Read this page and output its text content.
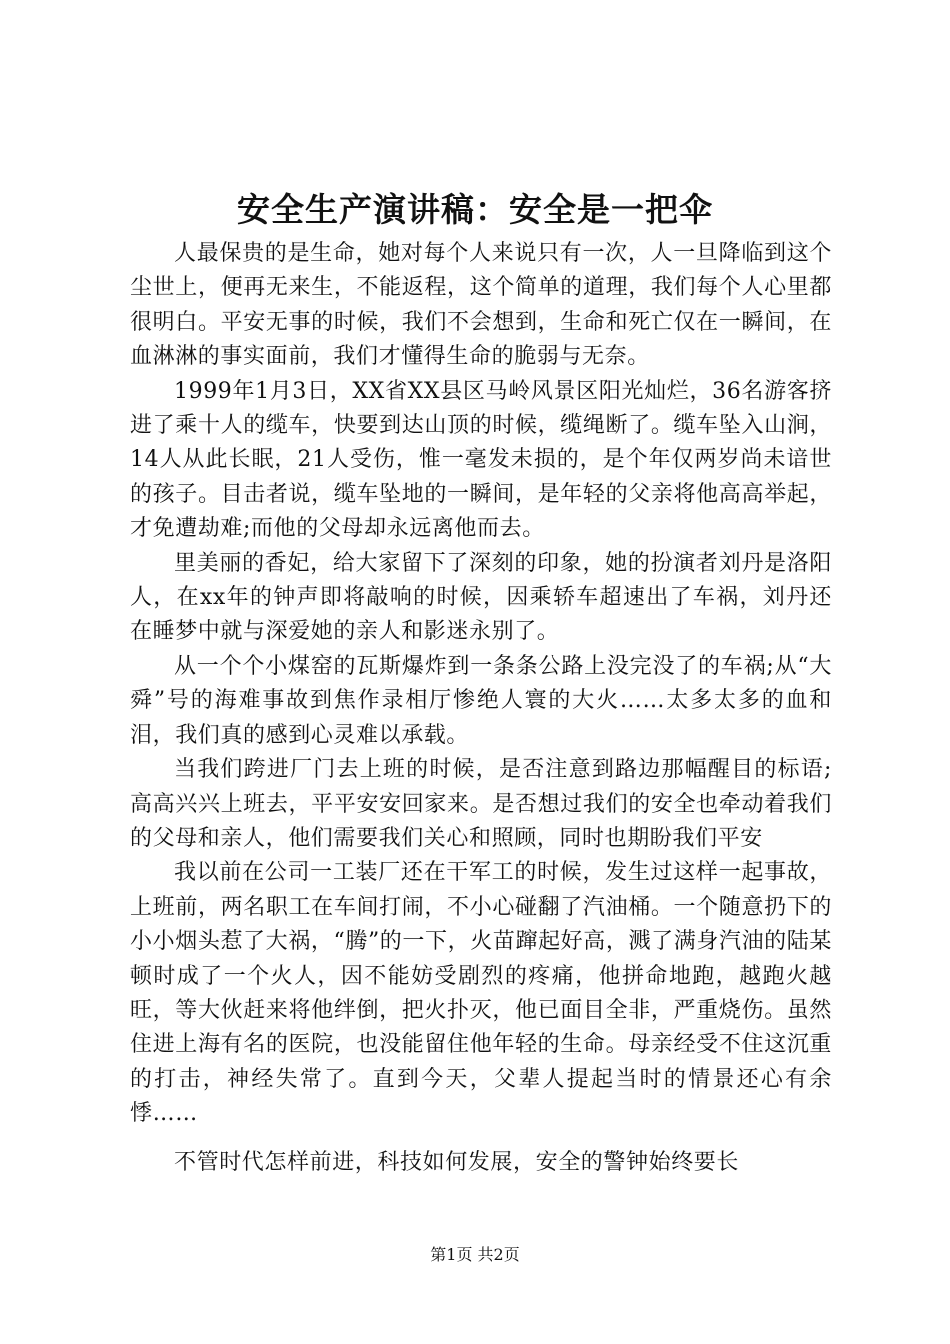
安全生产演讲稿：安全是一把伞

人最保贵的是生命，她对每个人来说只有一次，人一旦降临到这个尘世上，便再无来生，不能返程，这个简单的道理，我们每个人心里都很明白。平安无事的时候，我们不会想到，生命和死亡仅在一瞬间，在血淋淋的事实面前，我们才懂得生命的脆弱与无奈。

1999年1月3日，XX省XX县区马岭风景区阳光灿烂，36名游客挤进了乘十人的缆车，快要到达山顶的时候，缆绳断了。缆车坠入山涧，14人从此长眠，21人受伤，惟一毫发未损的，是个年仅两岁尚未谙世的孩子。目击者说，缆车坠地的一瞬间，是年轻的父亲将他高高举起，才免遭劫难;而他的父母却永远离他而去。

里美丽的香妃，给大家留下了深刻的印象，她的扮演者刘丹是洛阳人，在xx年的钟声即将敲响的时候，因乘轿车超速出了车祸，刘丹还在睡梦中就与深爱她的亲人和影迷永别了。

从一个个小煤窑的瓦斯爆炸到一条条公路上没完没了的车祸;从“大舜”号的海难事故到焦作录相厅惨绝人寰的大火……太多太多的血和泪，我们真的感到心灵难以承载。

当我们跨进厂门去上班的时候，是否注意到路边那幅醒目的标语;高高兴兴上班去，平平安安回家来。是否想过我们的安全也牵动着我们的父母和亲人，他们需要我们关心和照顾，同时也期盼我们平安

我以前在公司一工装厂还在干军工的时候，发生过这样一起事故，上班前，两名职工在车间打闹，不小心碰翻了汽油桶。一个随意扔下的小小烟头惹了大祸，“腾”的一下，火苗蹿起好高，溅了满身汽油的陆某顿时成了一个火人，因不能妨受剧烈的疼痛，他拼命地跑，越跑火越旺，等大伙赶来将他绊倒，把火扑灭，他已面目全非，严重烧伤。虽然住进上海有名的医院，也没能留住他年轻的生命。母亲经受不住这沉重的打击，神经失常了。直到今天，父辈人提起当时的情景还心有余悸……

不管时代怎样前进，科技如何发展，安全的警钟始终要长

第1页 共2页
